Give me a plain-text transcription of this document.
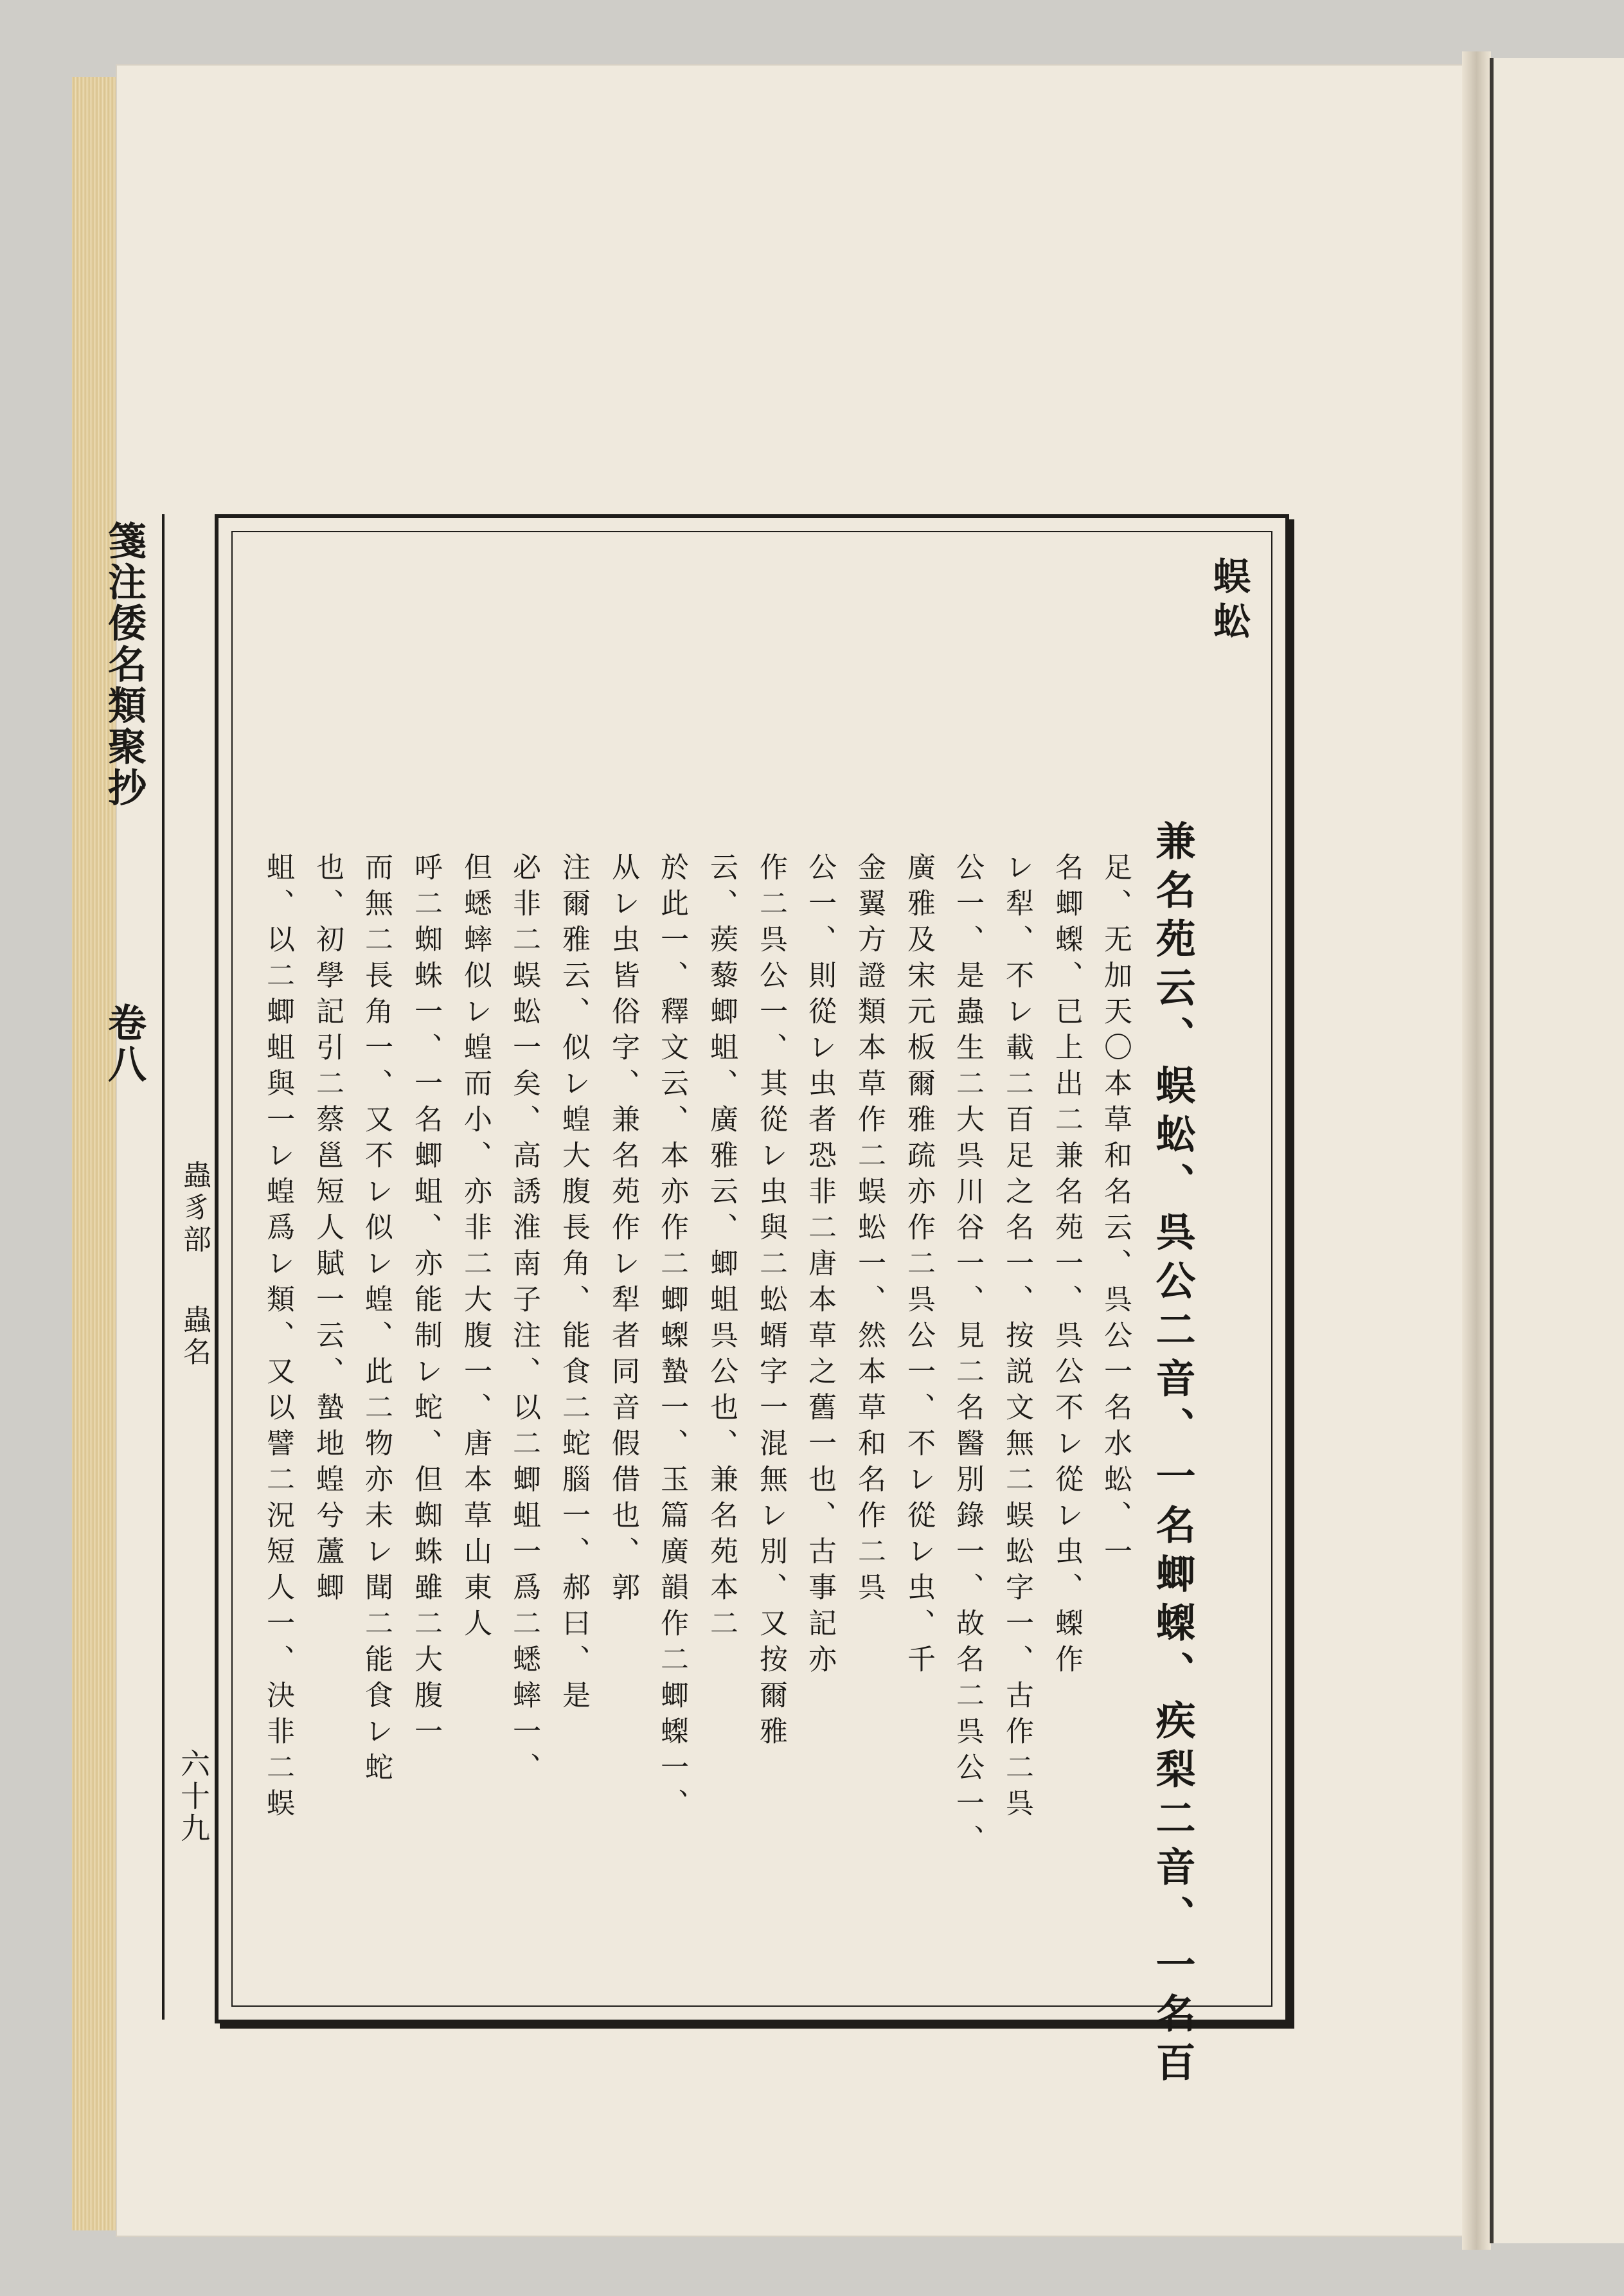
箋注倭名類聚抄
卷八
蟲豸部
蟲名
六十九
蜈蚣
兼名苑云、蜈蚣、呉公二音、一名蝍蟍、疾梨二音、一名百
足、无加天〇本草和名云、呉公一名水蚣、一
名蝍蟍、已上出二兼名苑一、呉公不レ從レ虫、蟍作
レ犁、不レ載二百足之名一、按説文無二蜈蚣字一、古作二呉
公一、是蟲生二大呉川谷一、見二名醫別錄一、故名二呉公一、
廣雅及宋元板爾雅疏亦作二呉公一、不レ從レ虫、千
金翼方證類本草作二蜈蚣一、然本草和名作二呉
公一、則從レ虫者恐非二唐本草之舊一也、古事記亦
作二呉公一、其從レ虫與二蚣蝑字一混無レ別、又按爾雅
云、蒺藜蝍蛆、廣雅云、蝍蛆呉公也、兼名苑本二
於此一、釋文云、本亦作二蝍蟍蟄一、玉篇廣韻作二蝍蟍一、
从レ虫皆俗字、兼名苑作レ犁者同音假借也、郭
注爾雅云、似レ蝗大腹長角、能食二蛇腦一、郝曰、是
必非二蜈蚣一矣、高誘淮南子注、以二蝍蛆一爲二蟋蟀一、
但蟋蟀似レ蝗而小、亦非二大腹一、唐本草山東人
呼二蜘蛛一、一名蝍蛆、亦能制レ蛇、但蜘蛛雖二大腹一
而無二長角一、又不レ似レ蝗、此二物亦未レ聞二能食レ蛇
也、初學記引二蔡邕短人賦一云、蟄地蝗兮蘆蝍
蛆、以二蝍蛆與一レ蝗爲レ類、又以譬二況短人一、決非二蜈
